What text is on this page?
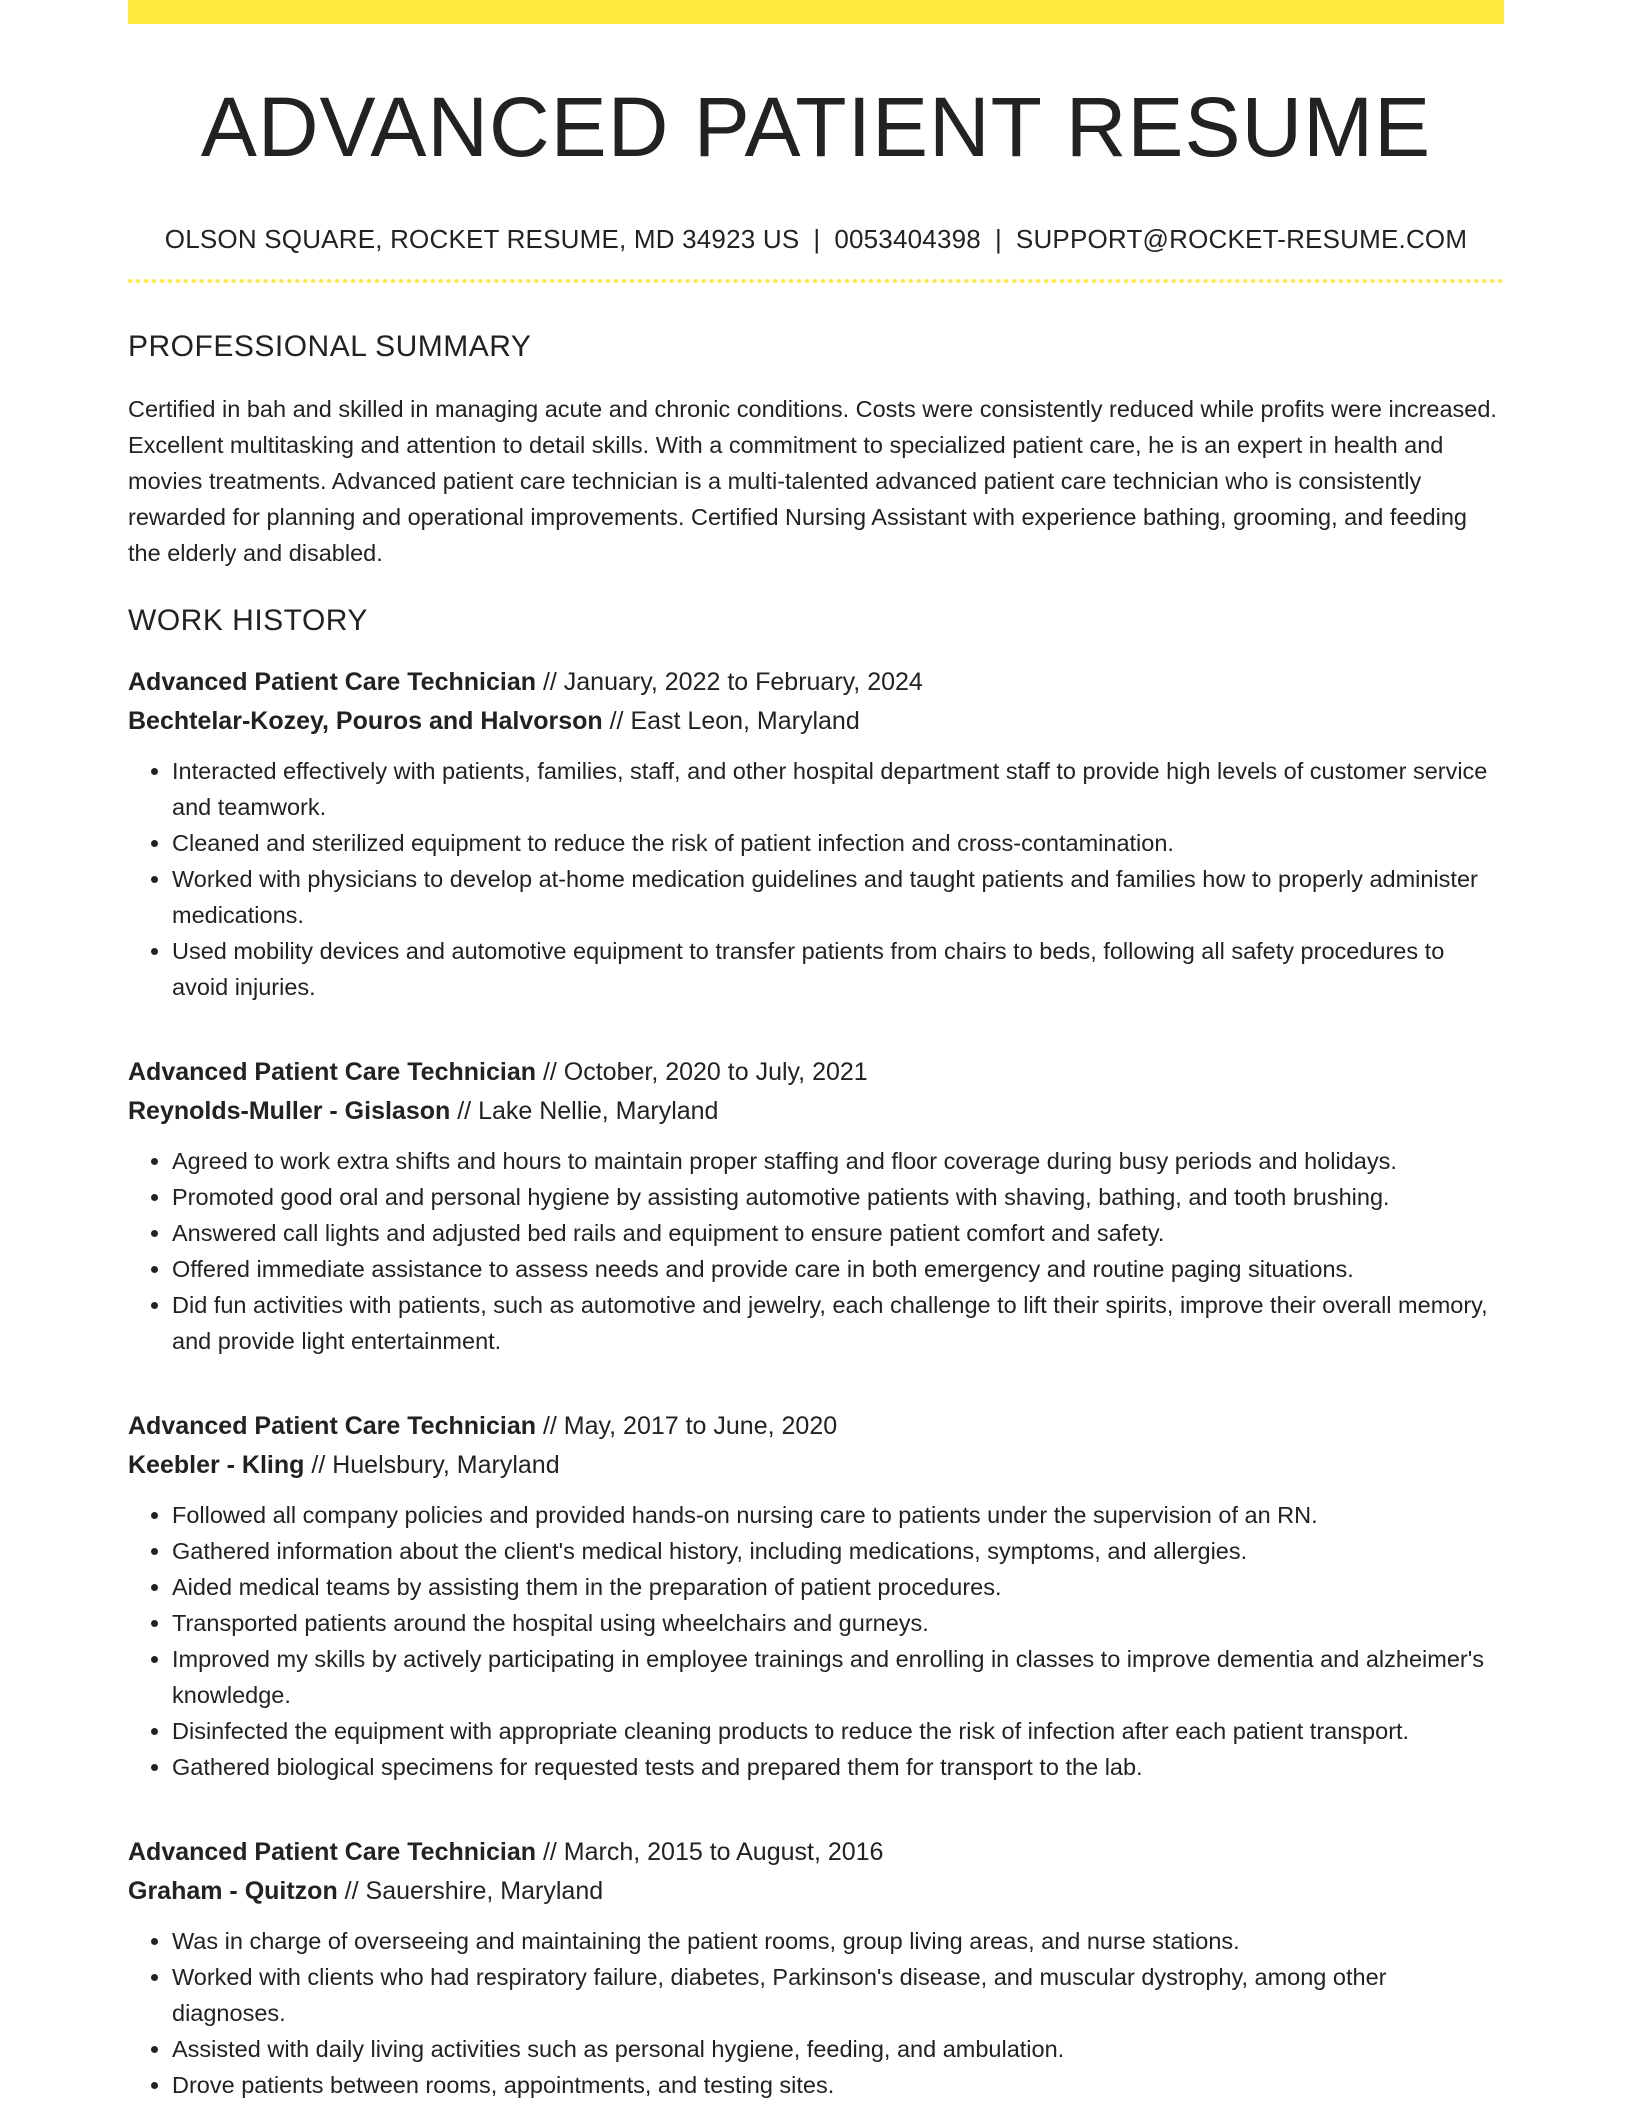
ADVANCED PATIENT RESUME
OLSON SQUARE, ROCKET RESUME, MD 34923 US | 0053404398 | SUPPORT@ROCKET-RESUME.COM
PROFESSIONAL SUMMARY
Certified in bah and skilled in managing acute and chronic conditions. Costs were consistently reduced while profits were increased. Excellent multitasking and attention to detail skills. With a commitment to specialized patient care, he is an expert in health and movies treatments. Advanced patient care technician is a multi-talented advanced patient care technician who is consistently rewarded for planning and operational improvements. Certified Nursing Assistant with experience bathing, grooming, and feeding the elderly and disabled.
WORK HISTORY
Advanced Patient Care Technician // January, 2022 to February, 2024
Bechtelar-Kozey, Pouros and Halvorson // East Leon, Maryland
• Interacted effectively with patients, families, staff, and other hospital department staff to provide high levels of customer service and teamwork.
• Cleaned and sterilized equipment to reduce the risk of patient infection and cross-contamination.
• Worked with physicians to develop at-home medication guidelines and taught patients and families how to properly administer medications.
• Used mobility devices and automotive equipment to transfer patients from chairs to beds, following all safety procedures to avoid injuries.
Advanced Patient Care Technician // October, 2020 to July, 2021
Reynolds-Muller - Gislason // Lake Nellie, Maryland
• Agreed to work extra shifts and hours to maintain proper staffing and floor coverage during busy periods and holidays.
• Promoted good oral and personal hygiene by assisting automotive patients with shaving, bathing, and tooth brushing.
• Answered call lights and adjusted bed rails and equipment to ensure patient comfort and safety.
• Offered immediate assistance to assess needs and provide care in both emergency and routine paging situations.
• Did fun activities with patients, such as automotive and jewelry, each challenge to lift their spirits, improve their overall memory, and provide light entertainment.
Advanced Patient Care Technician // May, 2017 to June, 2020
Keebler - Kling // Huelsbury, Maryland
• Followed all company policies and provided hands-on nursing care to patients under the supervision of an RN.
• Gathered information about the client's medical history, including medications, symptoms, and allergies.
• Aided medical teams by assisting them in the preparation of patient procedures.
• Transported patients around the hospital using wheelchairs and gurneys.
• Improved my skills by actively participating in employee trainings and enrolling in classes to improve dementia and alzheimer's knowledge.
• Disinfected the equipment with appropriate cleaning products to reduce the risk of infection after each patient transport.
• Gathered biological specimens for requested tests and prepared them for transport to the lab.
Advanced Patient Care Technician // March, 2015 to August, 2016
Graham - Quitzon // Sauershire, Maryland
• Was in charge of overseeing and maintaining the patient rooms, group living areas, and nurse stations.
• Worked with clients who had respiratory failure, diabetes, Parkinson's disease, and muscular dystrophy, among other diagnoses.
• Assisted with daily living activities such as personal hygiene, feeding, and ambulation.
• Drove patients between rooms, appointments, and testing sites.
